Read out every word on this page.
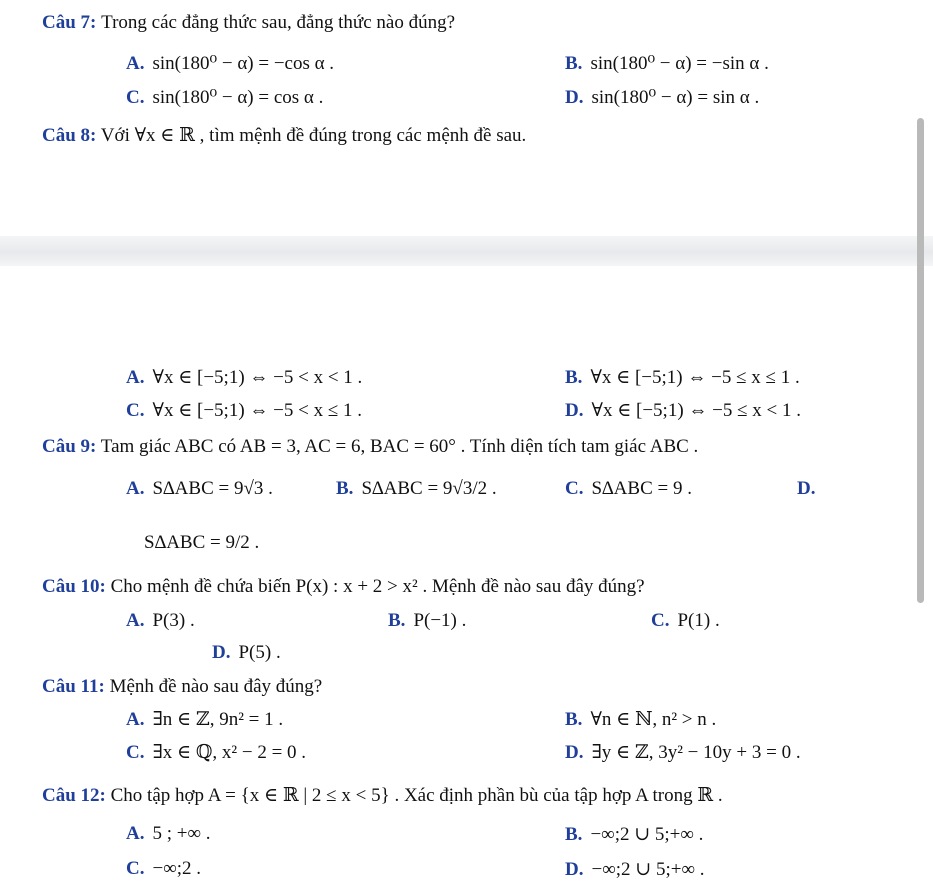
Câu 7: Trong các đẳng thức sau, đẳng thức nào đúng?
A. sin(180⁰ − α) = −cos α .	B. sin(180⁰ − α) = −sin α .
C. sin(180⁰ − α) = cos α .	D. sin(180⁰ − α) = sin α .
Câu 8: Với ∀x ∈ ℝ , tìm mệnh đề đúng trong các mệnh đề sau.
A. ∀x ∈ [−5;1) ⇔ −5 < x < 1 .	B. ∀x ∈ [−5;1) ⇔ −5 ≤ x ≤ 1 .
C. ∀x ∈ [−5;1) ⇔ −5 < x ≤ 1 .	D. ∀x ∈ [−5;1) ⇔ −5 ≤ x < 1 .
Câu 9: Tam giác ABC có AB = 3, AC = 6, BAC = 60° . Tính diện tích tam giác ABC .
A. S∆ABC = 9√3 .	B. S∆ABC = 9√3/2 .	C. S∆ABC = 9 .	D.
S∆ABC = 9/2 .
Câu 10: Cho mệnh đề chứa biến P(x) : x + 2 > x² . Mệnh đề nào sau đây đúng?
A. P(3) .	B. P(−1) .	C. P(1) .
D. P(5) .
Câu 11: Mệnh đề nào sau đây đúng?
A. ∃n ∈ ℤ, 9n² = 1 .	B. ∀n ∈ ℕ, n² > n .
C. ∃x ∈ ℚ, x² − 2 = 0 .	D. ∃y ∈ ℤ, 3y² − 10y + 3 = 0 .
Câu 12: Cho tập hợp A = {x ∈ ℝ | 2 ≤ x < 5} . Xác định phần bù của tập hợp A trong ℝ .
A. 5 ; +∞ .	B. −∞;2 ∪ 5;+∞ .
C. −∞;2 .	D. −∞;2 ∪ 5;+∞ .
